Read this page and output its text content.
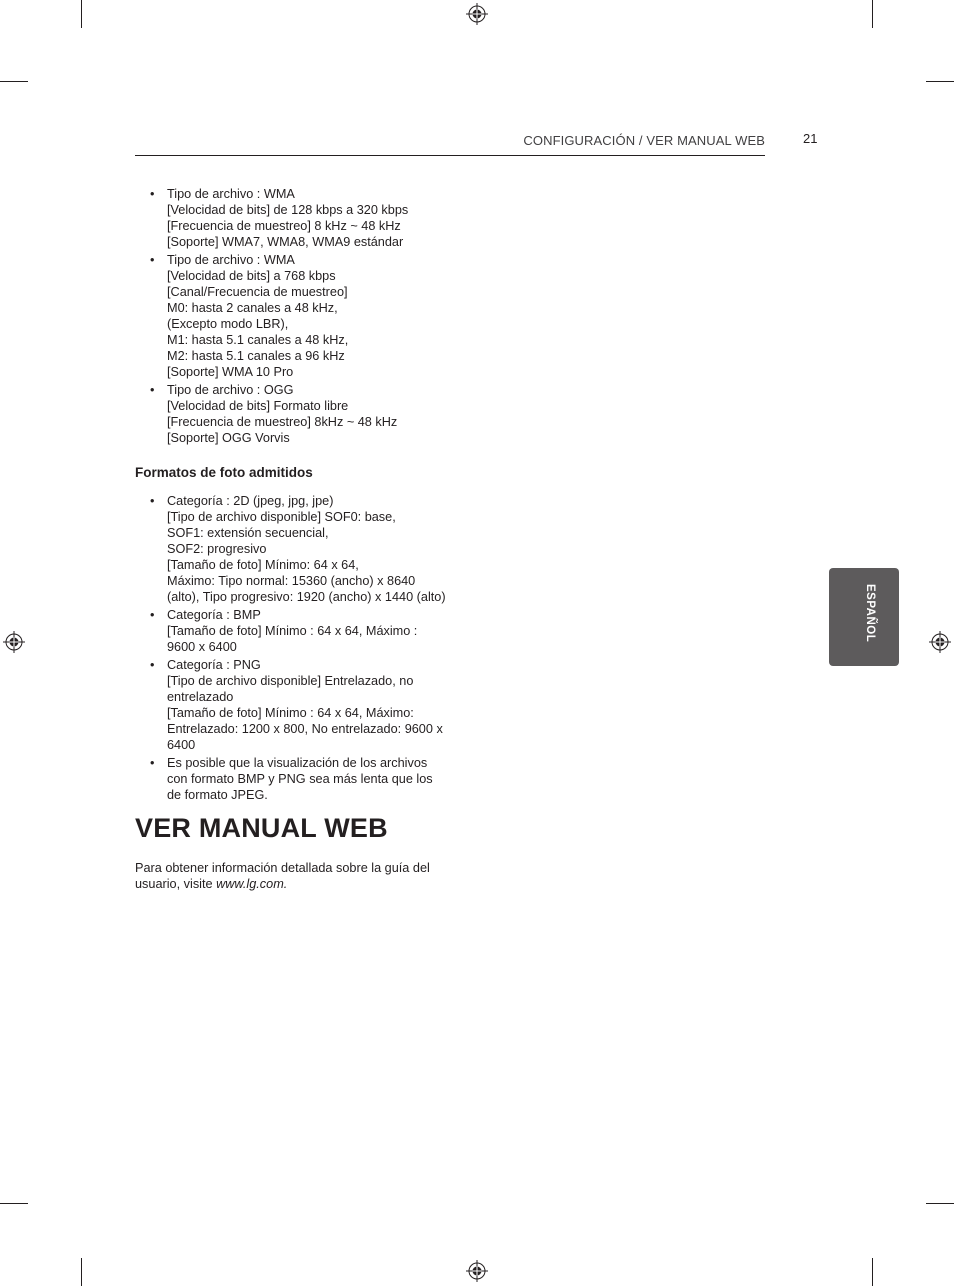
CONFIGURACIÓN / VER MANUAL WEB	21
• Tipo de archivo : WMA
[Velocidad de bits] de 128 kbps a 320 kbps
[Frecuencia de muestreo] 8 kHz ~ 48 kHz
[Soporte] WMA7, WMA8, WMA9 estándar
• Tipo de archivo : WMA
[Velocidad de bits] a 768 kbps
[Canal/Frecuencia de muestreo]
M0: hasta 2 canales a 48 kHz,
(Excepto modo LBR),
M1: hasta 5.1 canales a 48 kHz,
M2: hasta 5.1 canales a 96 kHz
[Soporte] WMA 10 Pro
• Tipo de archivo : OGG
[Velocidad de bits] Formato libre
[Frecuencia de muestreo] 8kHz ~ 48 kHz
[Soporte] OGG Vorvis
Formatos de foto admitidos
• Categoría : 2D (jpeg, jpg, jpe)
[Tipo de archivo disponible] SOF0: base,
SOF1: extensión secuencial,
SOF2: progresivo
[Tamaño de foto] Mínimo: 64 x 64,
Máximo: Tipo normal: 15360 (ancho) x 8640
(alto), Tipo progresivo: 1920 (ancho) x 1440 (alto)
• Categoría : BMP
[Tamaño de foto] Mínimo : 64 x 64, Máximo :
9600 x 6400
• Categoría : PNG
[Tipo de archivo disponible] Entrelazado, no
entrelazado
[Tamaño de foto] Mínimo : 64 x 64, Máximo:
Entrelazado: 1200 x 800, No entrelazado: 9600 x
6400
• Es posible que la visualización de los archivos
con formato BMP y PNG sea más lenta que los
de formato JPEG.
VER MANUAL WEB
Para obtener información detallada sobre la guía del
usuario, visite www.lg.com.
ESPAÑOL
